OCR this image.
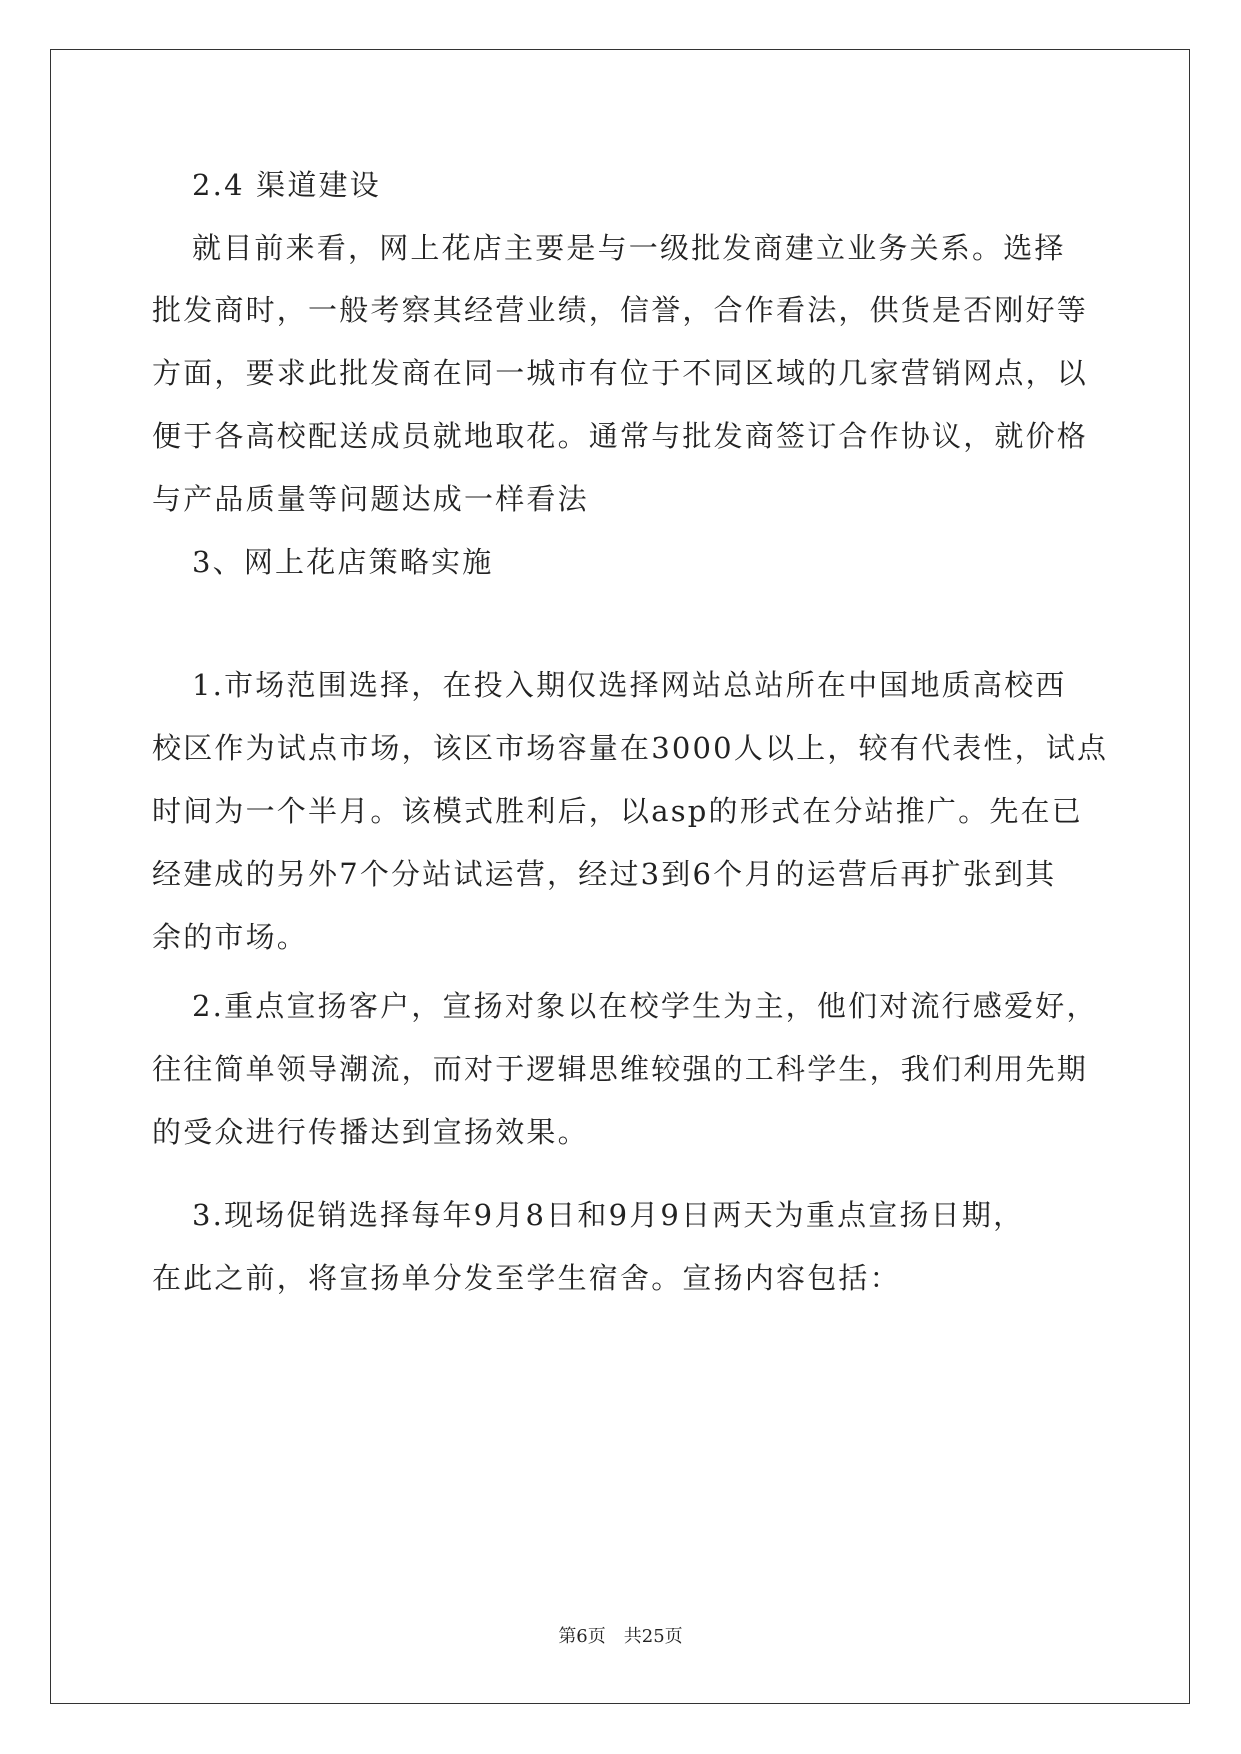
2.4 渠道建设
就目前来看，网上花店主要是与一级批发商建立业务关系。选择
批发商时，一般考察其经营业绩，信誉，合作看法，供货是否刚好等
方面，要求此批发商在同一城市有位于不同区域的几家营销网点，以
便于各高校配送成员就地取花。通常与批发商签订合作协议，就价格
与产品质量等问题达成一样看法
3、网上花店策略实施
1.市场范围选择，在投入期仅选择网站总站所在中国地质高校西
校区作为试点市场，该区市场容量在3000人以上，较有代表性，试点
时间为一个半月。该模式胜利后，以asp的形式在分站推广。先在已
经建成的另外7个分站试运营，经过3到6个月的运营后再扩张到其
余的市场。
2.重点宣扬客户，宣扬对象以在校学生为主，他们对流行感爱好，
往往简单领导潮流，而对于逻辑思维较强的工科学生，我们利用先期
的受众进行传播达到宣扬效果。
3.现场促销选择每年9月8日和9月9日两天为重点宣扬日期，
在此之前，将宣扬单分发至学生宿舍。宣扬内容包括：
第6页 共25页
